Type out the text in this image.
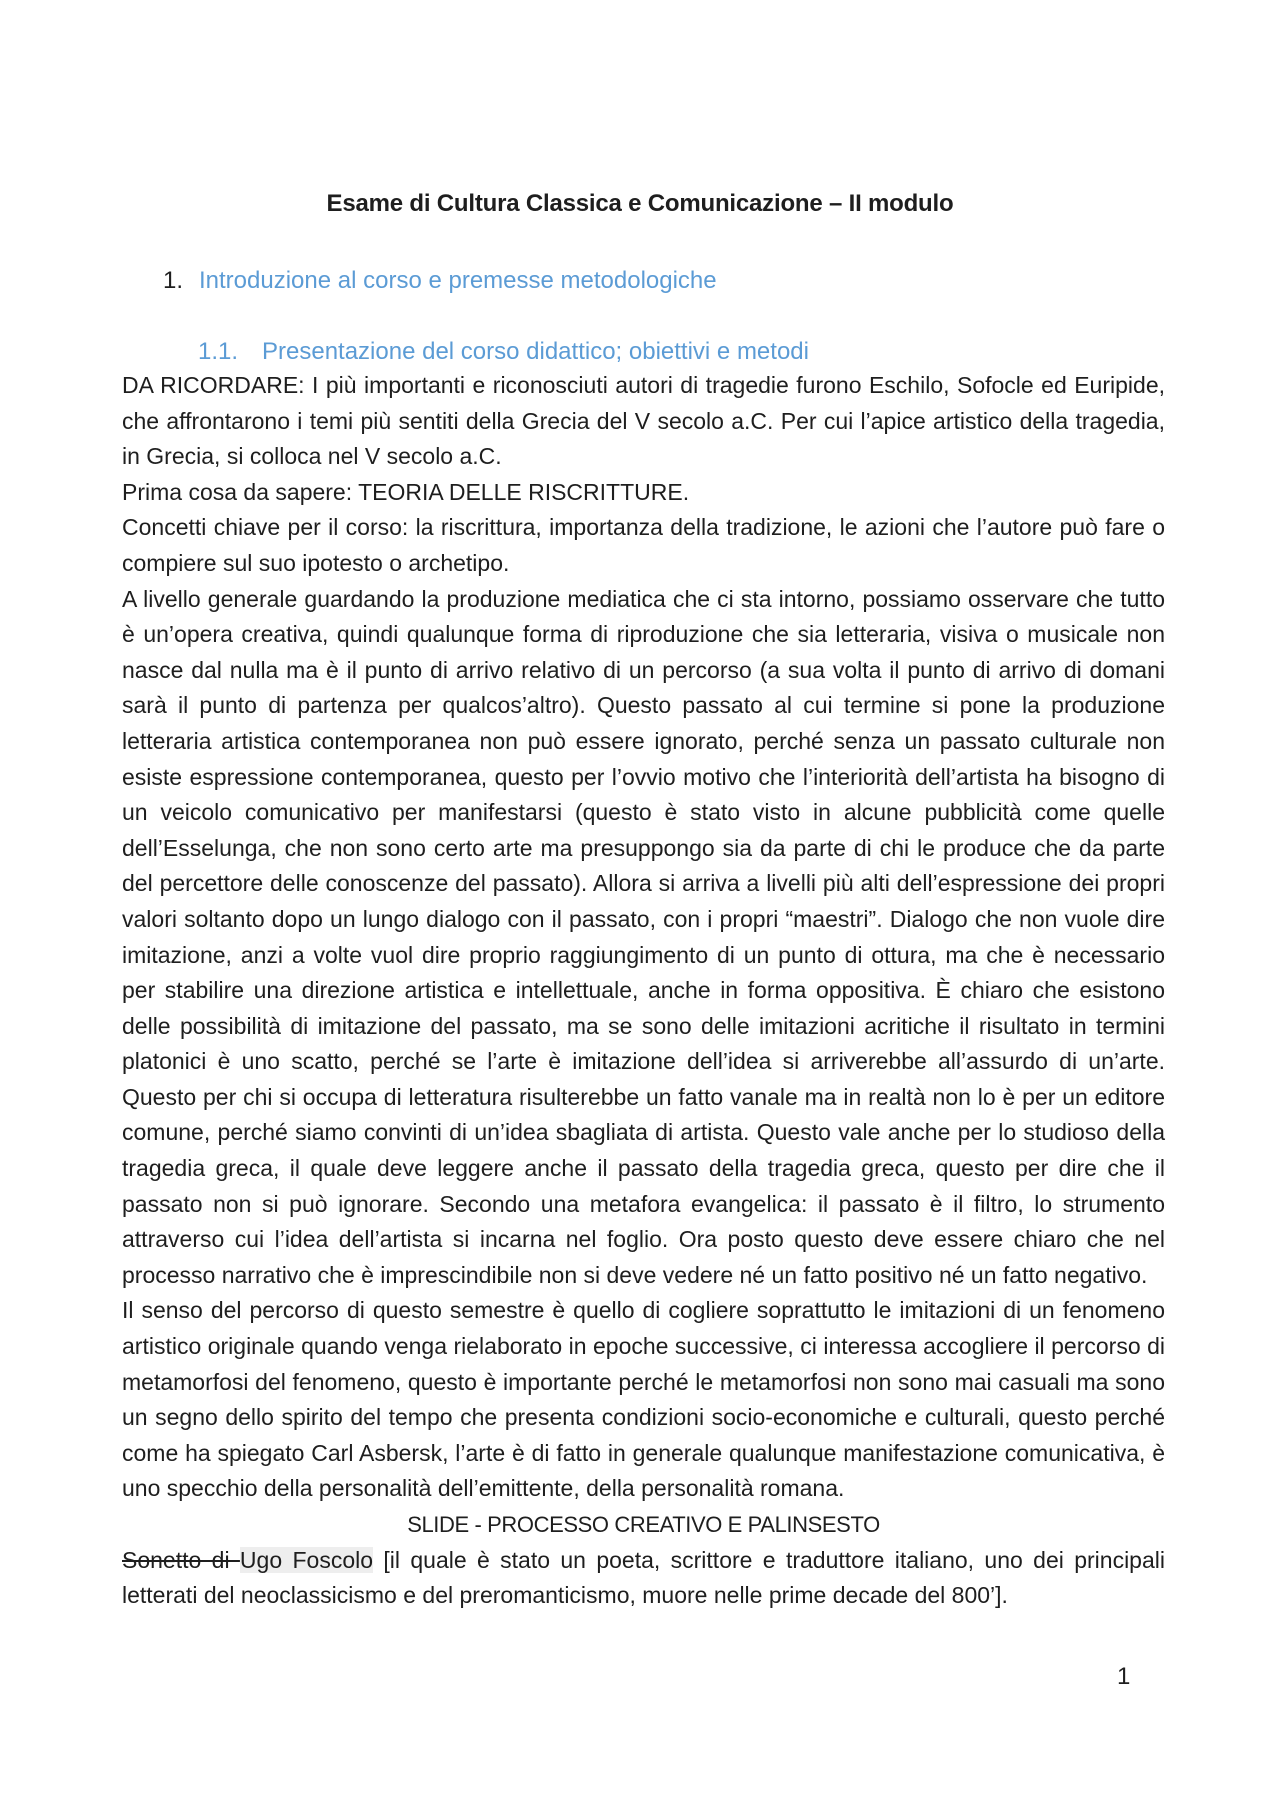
Esame di Cultura Classica e Comunicazione – II modulo
1. Introduzione al corso e premesse metodologiche
1.1. Presentazione del corso didattico; obiettivi e metodi

DA RICORDARE: I più importanti e riconosciuti autori di tragedie furono Eschilo, Sofocle ed Euripide, che affrontarono i temi più sentiti della Grecia del V secolo a.C. Per cui l’apice artistico della tragedia, in Grecia, si colloca nel V secolo a.C.

Prima cosa da sapere: TEORIA DELLE RISCRITTURE.

Concetti chiave per il corso: la riscrittura, importanza della tradizione, le azioni che l’autore può fare o compiere sul suo ipotesto o archetipo.

A livello generale guardando la produzione mediatica che ci sta intorno, possiamo osservare che tutto è un’opera creativa, quindi qualunque forma di riproduzione che sia letteraria, visiva o musicale non nasce dal nulla ma è il punto di arrivo relativo di un percorso (a sua volta il punto di arrivo di domani sarà il punto di partenza per qualcos’altro). Questo passato al cui termine si pone la produzione letteraria artistica contemporanea non può essere ignorato, perché senza un passato culturale non esiste espressione contemporanea, questo per l’ovvio motivo che l’interiorità dell’artista ha bisogno di un veicolo comunicativo per manifestarsi (questo è stato visto in alcune pubblicità come quelle dell’Esselunga, che non sono certo arte ma presuppongo sia da parte di chi le produce che da parte del percettore delle conoscenze del passato). Allora si arriva a livelli più alti dell’espressione dei propri valori soltanto dopo un lungo dialogo con il passato, con i propri “maestri”. Dialogo che non vuole dire imitazione, anzi a volte vuol dire proprio raggiungimento di un punto di ottura, ma che è necessario per stabilire una direzione artistica e intellettuale, anche in forma oppositiva. È chiaro che esistono delle possibilità di imitazione del passato, ma se sono delle imitazioni acritiche il risultato in termini platonici è uno scatto, perché se l’arte è imitazione dell’idea si arriverebbe all’assurdo di un’arte. Questo per chi si occupa di letteratura risulterebbe un fatto vanale ma in realtà non lo è per un editore comune, perché siamo convinti di un’idea sbagliata di artista. Questo vale anche per lo studioso della tragedia greca, il quale deve leggere anche il passato della tragedia greca, questo per dire che il passato non si può ignorare. Secondo una metafora evangelica: il passato è il filtro, lo strumento attraverso cui l’idea dell’artista si incarna nel foglio. Ora posto questo deve essere chiaro che nel processo narrativo che è imprescindibile non si deve vedere né un fatto positivo né un fatto negativo.

Il senso del percorso di questo semestre è quello di cogliere soprattutto le imitazioni di un fenomeno artistico originale quando venga rielaborato in epoche successive, ci interessa accogliere il percorso di metamorfosi del fenomeno, questo è importante perché le metamorfosi non sono mai casuali ma sono un segno dello spirito del tempo che presenta condizioni socio-economiche e culturali, questo perché come ha spiegato Carl Asbersk, l’arte è di fatto in generale qualunque manifestazione comunicativa, è uno specchio della personalità dell’emittente, della personalità romana.

SLIDE - PROCESSO CREATIVO E PALINSESTO

Sonetto di Ugo Foscolo [il quale è stato un poeta, scrittore e traduttore italiano, uno dei principali letterati del neoclassicismo e del preromanticismo, muore nelle prime decade del 800’].

1
